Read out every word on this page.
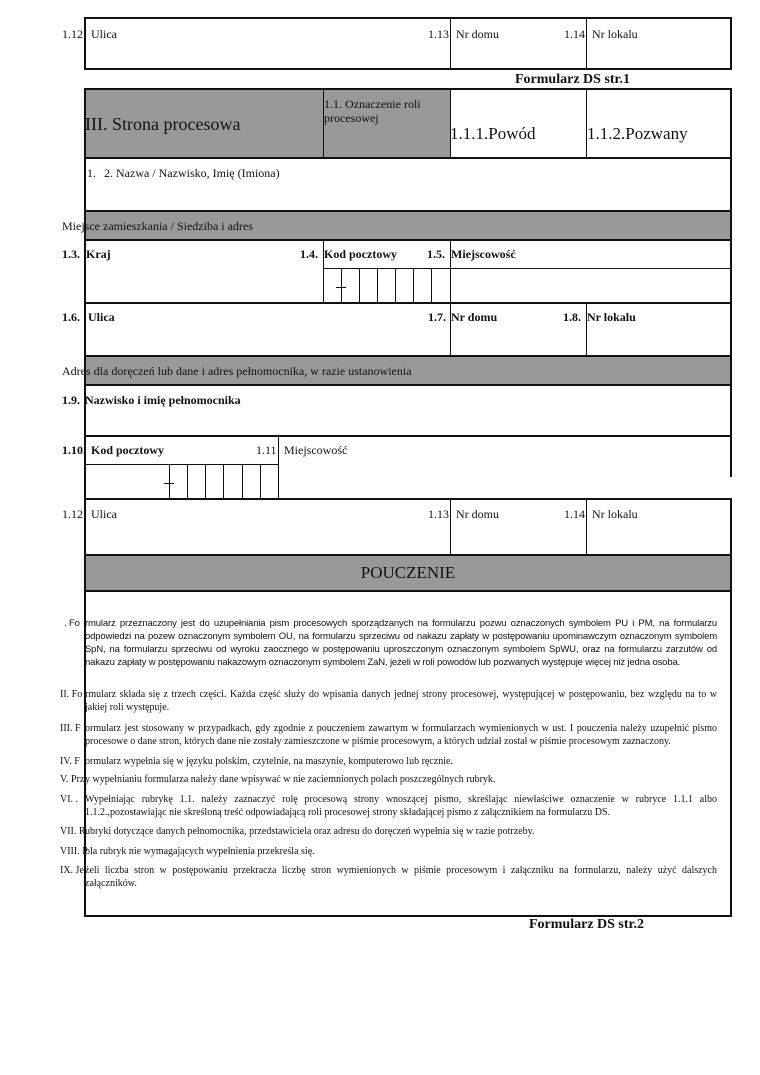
1.12 Ulica	1.13 Nr domu	1.14 Nr lokalu
Formularz DS str.1
III. Strona procesowa
1.1. Oznaczenie roli procesowej
1.1.1.Powód	1.1.2.Pozwany
1. 2. Nazwa / Nazwisko, Imię (Imiona)
Miejsce zamieszkania / Siedziba i adres
1.3. Kraj	1.4. Kod pocztowy	1.5. Miejscowość
1.6. Ulica	1.7. Nr domu	1.8. Nr lokalu
Adres dla doręczeń lub dane i adres pełnomocnika, w razie ustanowienia
1.9. Nazwisko i imię pełnomocnika
1.10. Kod pocztowy	1.11 Miejscowość
1.12 Ulica	1.13 Nr domu	1.14 Nr lokalu
POUCZENIE
. Fo rmularz przeznaczony jest do uzupełniania pism procesowych sporządzanych na formularzu pozwu oznaczonych symbolem PU i PM, na formularzu odpowiedzi na pozew oznaczonym symbolem OU, na formularzu sprzeciwu od nakazu zapłaty w postępowaniu upominawczym oznaczonym symbolem SpN, na formularzu sprzeciwu od wyroku zaocznego w postępowaniu uproszczonym oznaczonym symbolem SpWU, oraz na formularzu zarzutów od nakazu zapłaty w postępowaniu nakazowym oznaczonym symbolem ZaN, jeżeli w roli powodów lub pozwanych występuje więcej niż jedna osoba.
II. Fo rmularz składa się z trzech części. Każda część służy do wpisania danych jednej strony procesowej, występującej w postępowaniu, bez względu na to w jakiej roli występuje.
III. F ormularz jest stosowany w przypadkach, gdy zgodnie z pouczeniem zawartym w formularzach wymienionych w ust. I pouczenia należy uzupełnić pismo procesowe o dane stron, których dane nie zostały zamieszczone w piśmie procesowym, a których udział został w piśmie procesowym zaznaczony.
IV. F ormularz wypełnia się w języku polskim, czytelnie, na maszynie, komputerowo lub ręcznie.
V. Prz y wypełnianiu formularza należy dane wpisywać w nie zaciemnionych polach poszczególnych rubryk.
VI. . Wypełniając rubrykę 1.1. należy zaznaczyć rolę procesową strony wnoszącej pismo, skreślając niewłaściwe oznaczenie w rubryce 1.1.1 albo 1.1.2.,pozostawiając nie skreśloną treść odpowiadającą roli procesowej strony składającej pismo z załącznikiem na formularzu DS.
VII. R ubryki dotyczące danych pełnomocnika, przedstawiciela oraz adresu do doręczeń wypełnia się w razie potrzeby.
VIII. P
ola rubryk nie wymagających wypełnienia przekreśla się.
IX. Je żeli liczba stron w postępowaniu przekracza liczbę stron wymienionych w piśmie procesowym i załączniku na formularzu, należy użyć dalszych załączników.
Formularz DS str.2
